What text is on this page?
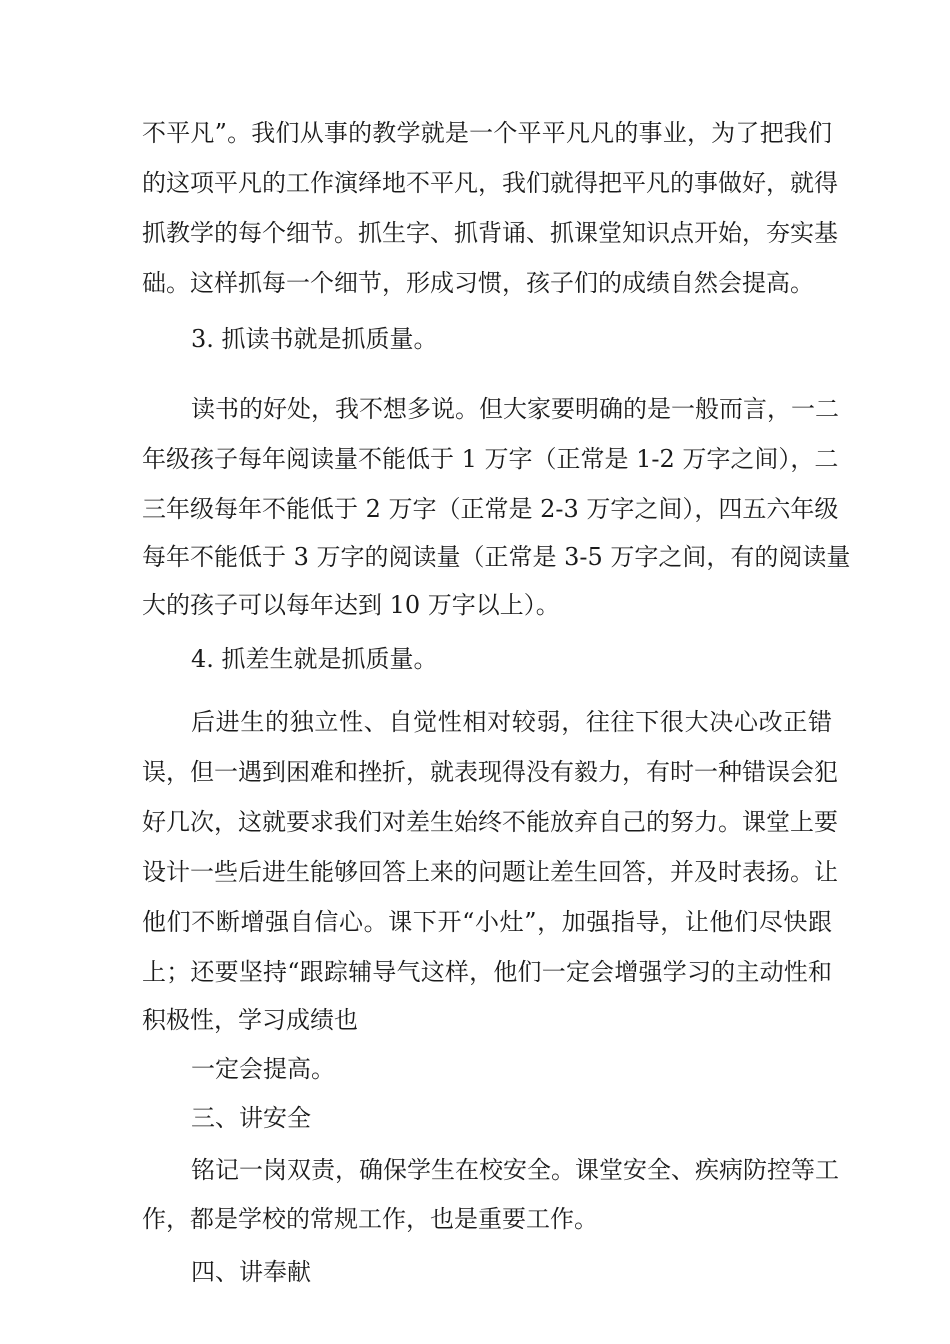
不平凡”。我们从事的教学就是一个平平凡凡的事业，为了把我们
的这项平凡的工作演绎地不平凡，我们就得把平凡的事做好，就得
抓教学的每个细节。抓生字、抓背诵、抓课堂知识点开始，夯实基
础。这样抓每一个细节，形成习惯，孩子们的成绩自然会提高。
3. 抓读书就是抓质量。
读书的好处，我不想多说。但大家要明确的是一般而言，一二
年级孩子每年阅读量不能低于 1 万字（正常是 1-2 万字之间），二
三年级每年不能低于 2 万字（正常是 2-3 万字之间），四五六年级
每年不能低于 3 万字的阅读量（正常是 3-5 万字之间，有的阅读量
大的孩子可以每年达到 10 万字以上）。
4. 抓差生就是抓质量。
后进生的独立性、自觉性相对较弱，往往下很大决心改正错
误，但一遇到困难和挫折，就表现得没有毅力，有时一种错误会犯
好几次，这就要求我们对差生始终不能放弃自己的努力。课堂上要
设计一些后进生能够回答上来的问题让差生回答，并及时表扬。让
他们不断增强自信心。课下开“小灶”，加强指导，让他们尽快跟
上；还要坚持“跟踪辅导气这样，他们一定会增强学习的主动性和
积极性，学习成绩也
一定会提高。
三、讲安全
铭记一岗双责，确保学生在校安全。课堂安全、疾病防控等工
作，都是学校的常规工作，也是重要工作。
四、讲奉献
